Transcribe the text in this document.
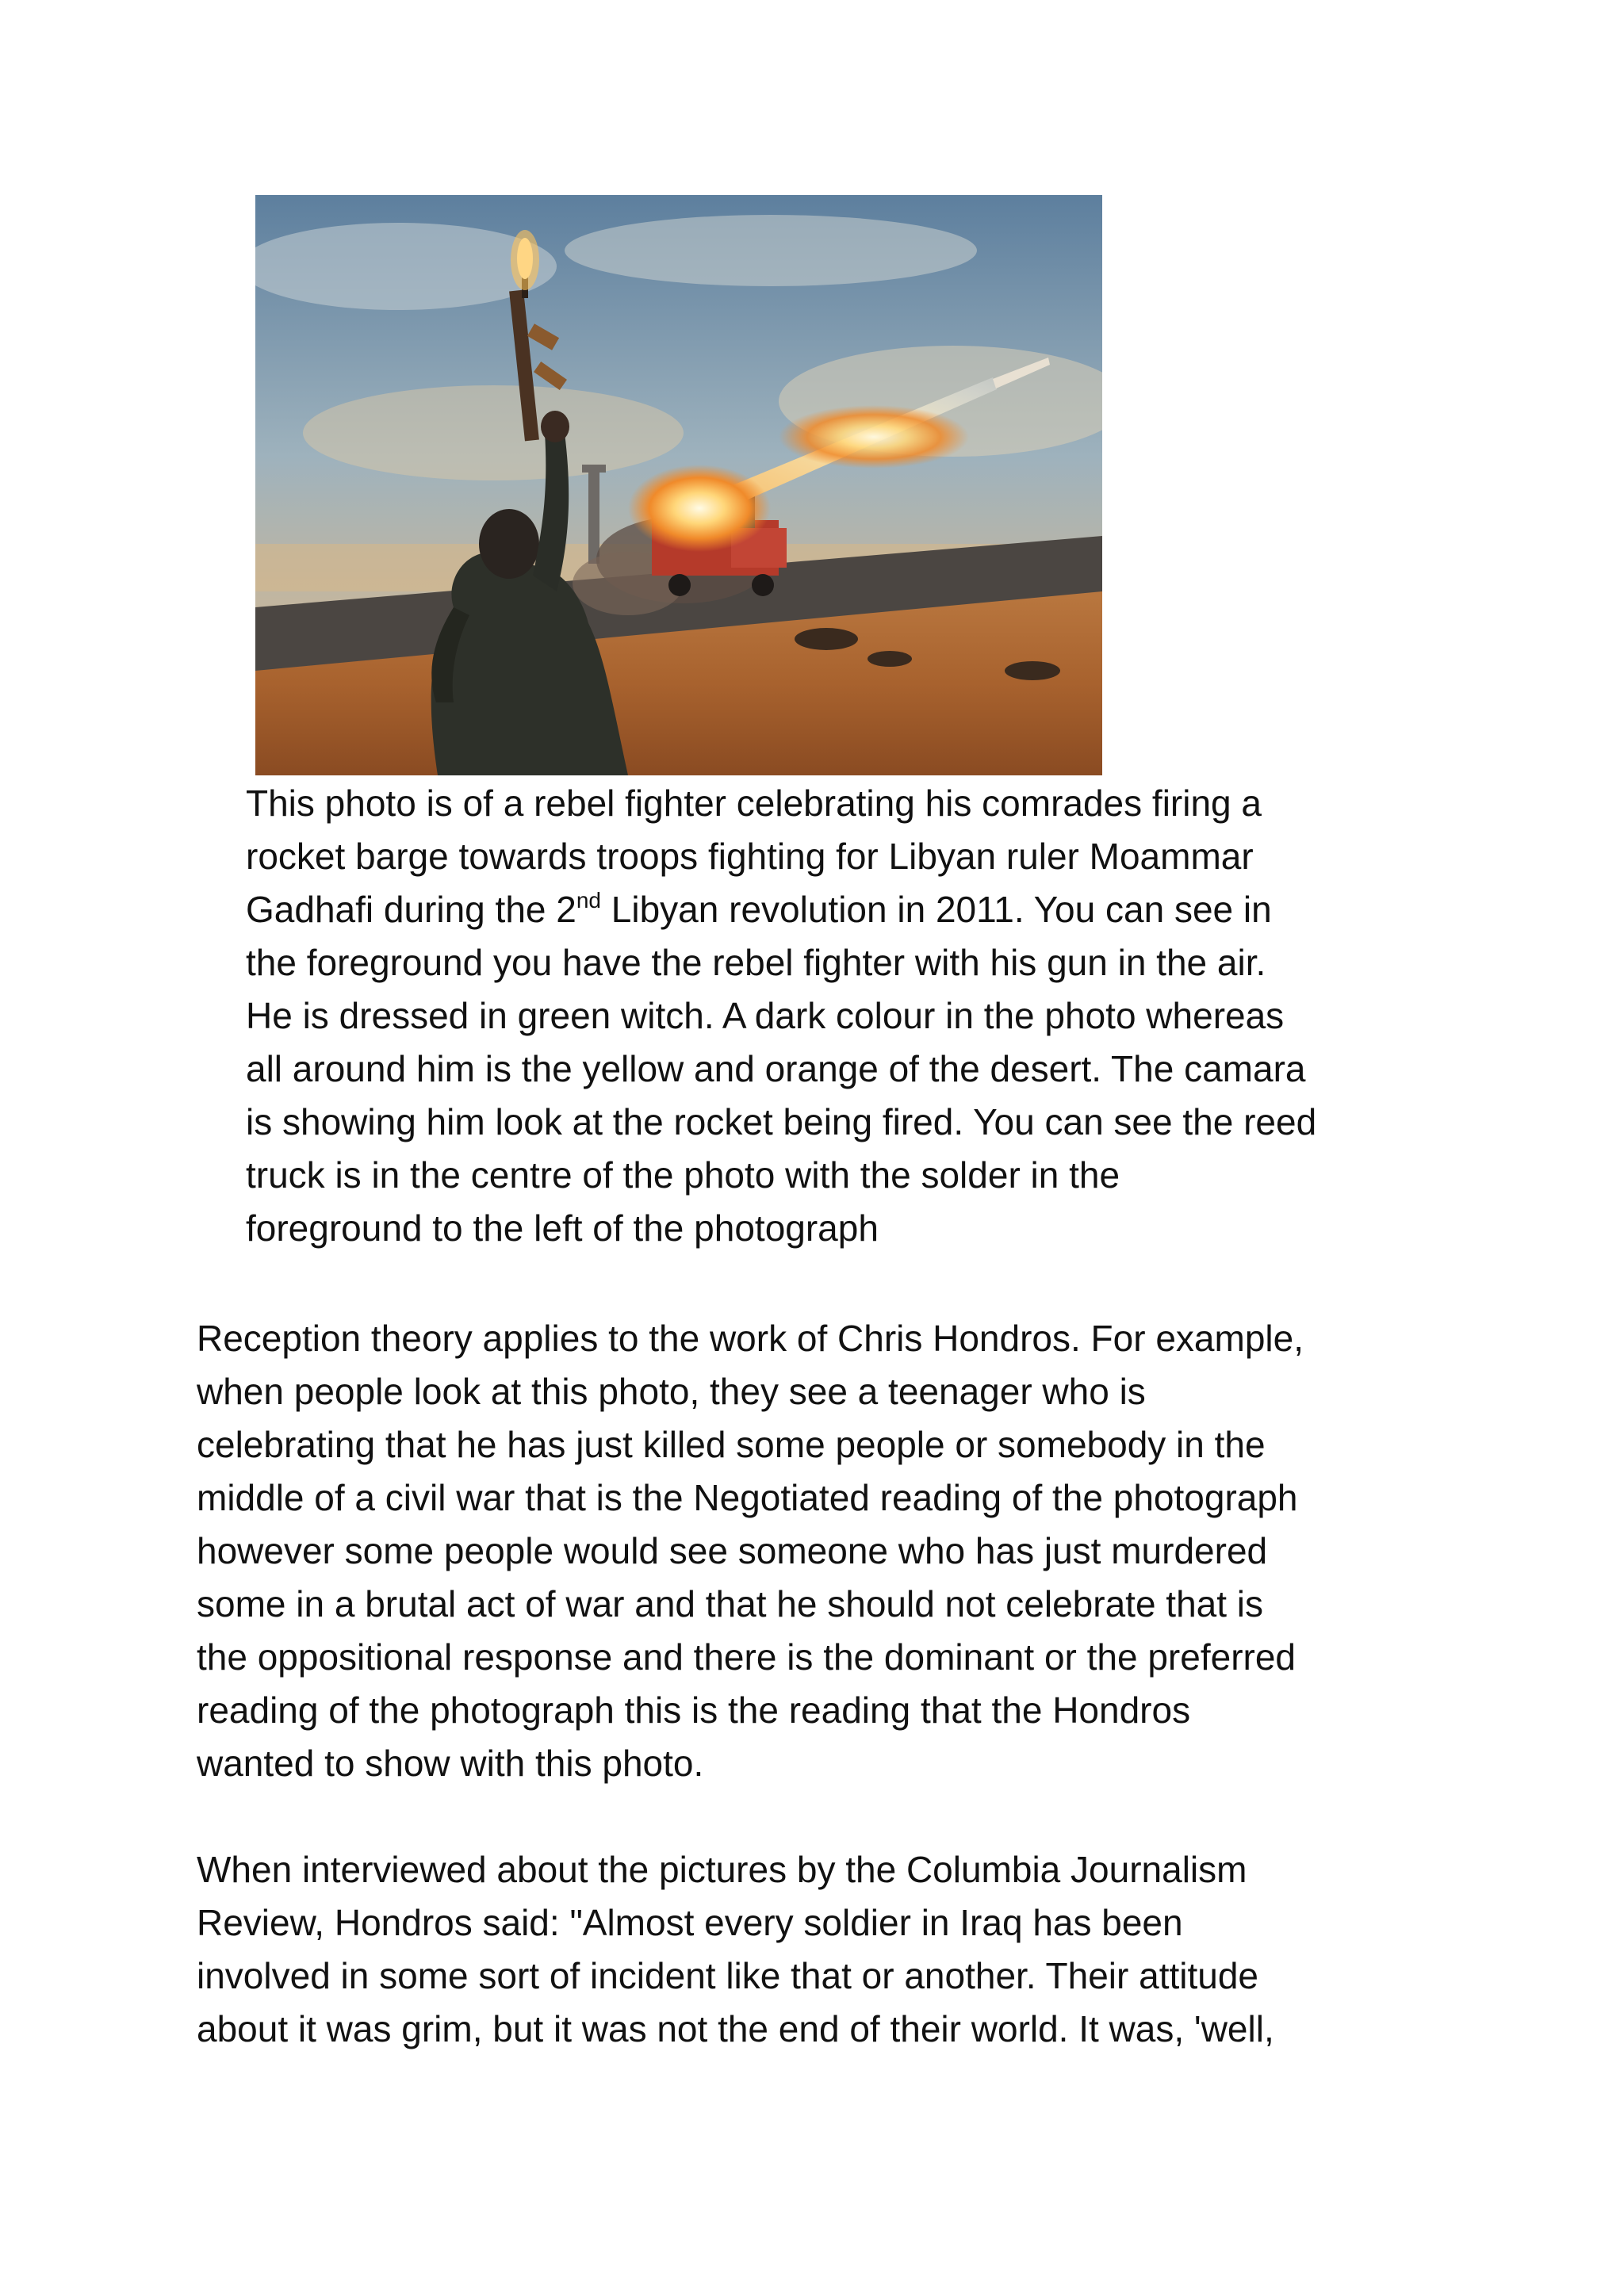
This photo is of a rebel fighter celebrating his comrades firing a
rocket barge towards troops fighting for Libyan ruler Moammar
Gadhafi during the 2nd Libyan revolution in 2011. You can see in
the foreground you have the rebel fighter with his gun in the air.
He is dressed in green witch. A dark colour in the photo whereas
all around him is the yellow and orange of the desert. The camara
is showing him look at the rocket being fired. You can see the reed
truck is in the centre of the photo with the solder in the
foreground to the left of the photograph
Reception theory applies to the work of Chris Hondros. For example,
when people look at this photo, they see a teenager who is
celebrating that he has just killed some people or somebody in the
middle of a civil war that is the Negotiated reading of the photograph
however some people would see someone who has just murdered
some in a brutal act of war and that he should not celebrate that is
the oppositional response and there is the dominant or the preferred
reading of the photograph this is the reading that the Hondros
wanted to show with this photo.
When interviewed about the pictures by the Columbia Journalism
Review, Hondros said: "Almost every soldier in Iraq has been
involved in some sort of incident like that or another. Their attitude
about it was grim, but it was not the end of their world. It was, 'well,
